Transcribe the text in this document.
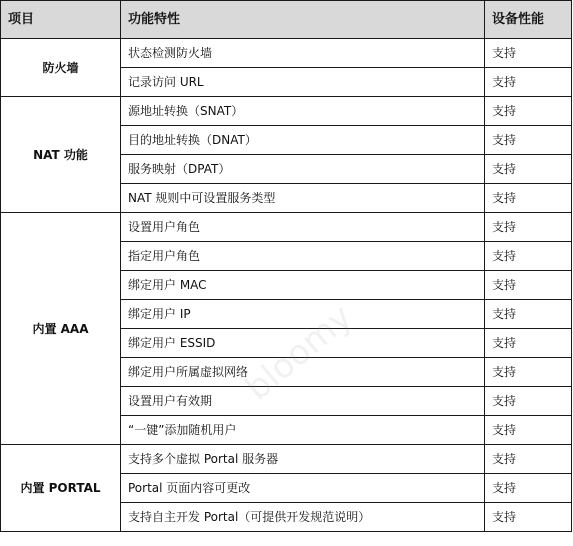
项目	功能特性	设备性能
防火墙	状态检测防火墙	支持
	记录访问 URL	支持
NAT 功能	源地址转换（SNAT）	支持
	目的地址转换（DNAT）	支持
	服务映射（DPAT）	支持
	NAT 规则中可设置服务类型	支持
内置 AAA	设置用户角色	支持
	指定用户角色	支持
	绑定用户 MAC	支持
	绑定用户 IP	支持
	绑定用户 ESSID	支持
	绑定用户所属虚拟网络	支持
	设置用户有效期	支持
	“一键”添加随机用户	支持
内置 PORTAL	支持多个虚拟 Portal 服务器	支持
	Portal 页面内容可更改	支持
	支持自主开发 Portal（可提供开发规范说明）	支持
bloomy
